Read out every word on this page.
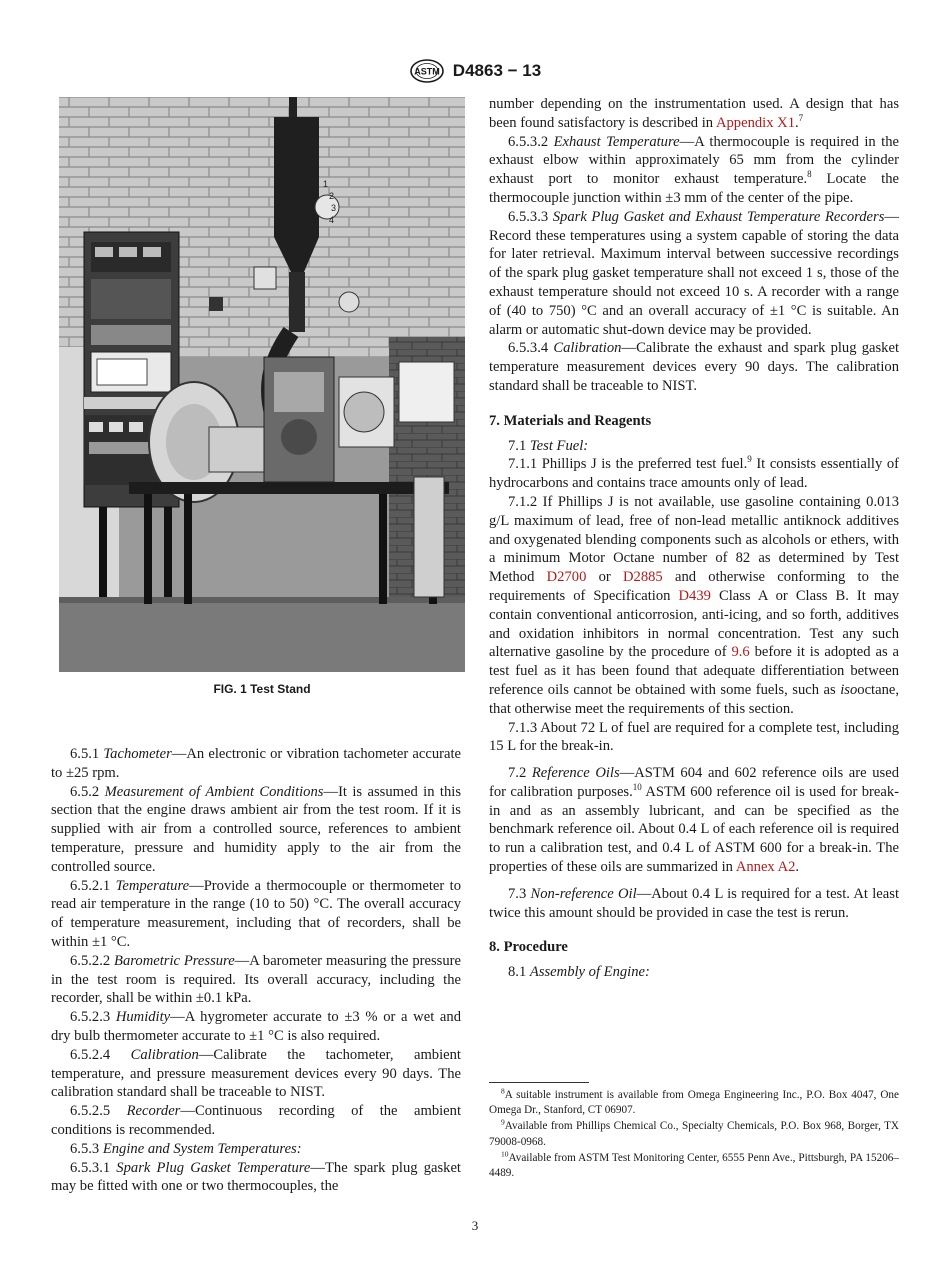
ASTM D4863 − 13
1
2
3
4
FIG. 1 Test Stand

6.5.1 Tachometer—An electronic or vibration tachometer accurate to ±25 rpm.

6.5.2 Measurement of Ambient Conditions—It is assumed in this section that the engine draws ambient air from the test room. If it is supplied with air from a controlled source, references to ambient temperature, pressure and humidity apply to the air from the controlled source.

6.5.2.1 Temperature—Provide a thermocouple or thermometer to read air temperature in the range (10 to 50) °C. The overall accuracy of temperature measurement, including that of recorders, shall be within ±1 °C.

6.5.2.2 Barometric Pressure—A barometer measuring the pressure in the test room is required. Its overall accuracy, including the recorder, shall be within ±0.1 kPa.

6.5.2.3 Humidity—A hygrometer accurate to ±3 % or a wet and dry bulb thermometer accurate to ±1 °C is also required.

6.5.2.4 Calibration—Calibrate the tachometer, ambient temperature, and pressure measurement devices every 90 days. The calibration standard shall be traceable to NIST.

6.5.2.5 Recorder—Continuous recording of the ambient conditions is recommended.

6.5.3 Engine and System Temperatures:

6.5.3.1 Spark Plug Gasket Temperature—The spark plug gasket may be fitted with one or two thermocouples, the

number depending on the instrumentation used. A design that has been found satisfactory is described in Appendix X1.$^7$

6.5.3.2 Exhaust Temperature—A thermocouple is required in the exhaust elbow within approximately 65 mm from the cylinder exhaust port to monitor exhaust temperature.$^8$ Locate the thermocouple junction within ±3 mm of the center of the pipe.

6.5.3.3 Spark Plug Gasket and Exhaust Temperature Recorders—Record these temperatures using a system capable of storing the data for later retrieval. Maximum interval between successive recordings of the spark plug gasket temperature shall not exceed 1 s, those of the exhaust temperature should not exceed 10 s. A recorder with a range of (40 to 750) °C and an overall accuracy of ±1 °C is suitable. An alarm or automatic shut-down device may be provided.

6.5.3.4 Calibration—Calibrate the exhaust and spark plug gasket temperature measurement devices every 90 days. The calibration standard shall be traceable to NIST.

7. Materials and Reagents

7.1 Test Fuel:

7.1.1 Phillips J is the preferred test fuel.$^9$ It consists essentially of hydrocarbons and contains trace amounts only of lead.

7.1.2 If Phillips J is not available, use gasoline containing 0.013 g/L maximum of lead, free of non-lead metallic antiknock additives and oxygenated blending components such as alcohols or ethers, with a minimum Motor Octane number of 82 as determined by Test Method D2700 or D2885 and otherwise conforming to the requirements of Specification D439 Class A or Class B. It may contain conventional anticorrosion, anti-icing, and so forth, additives and oxidation inhibitors in normal concentration. Test any such alternative gasoline by the procedure of 9.6 before it is adopted as a test fuel as it has been found that adequate differentiation between reference oils cannot be obtained with some fuels, such as isooctane, that otherwise meet the requirements of this section.

7.1.3 About 72 L of fuel are required for a complete test, including 15 L for the break-in.

7.2 Reference Oils—ASTM 604 and 602 reference oils are used for calibration purposes.$^{10}$ ASTM 600 reference oil is used for break-in and as an assembly lubricant, and can be specified as the benchmark reference oil. About 0.4 L of each reference oil is required to run a calibration test, and 0.4 L of ASTM 600 for a break-in. The properties of these oils are summarized in Annex A2.

7.3 Non-reference Oil—About 0.4 L is required for a test. At least twice this amount should be provided in case the test is rerun.

8. Procedure

8.1 Assembly of Engine:

$^8$A suitable instrument is available from Omega Engineering Inc., P.O. Box 4047, One Omega Dr., Stanford, CT 06907.

$^9$Available from Phillips Chemical Co., Specialty Chemicals, P.O. Box 968, Borger, TX 79008-0968.

$^{10}$Available from ASTM Test Monitoring Center, 6555 Penn Ave., Pittsburgh, PA 15206–4489.

3
